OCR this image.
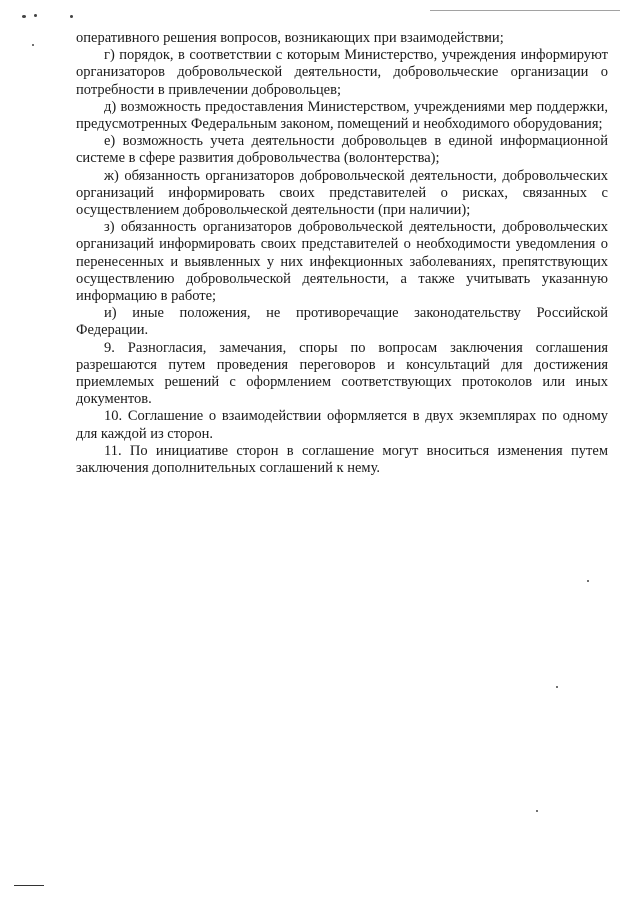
оперативного решения вопросов, возникающих при взаимодействии;

г) порядок, в соответствии с которым Министерство, учреждения информируют организаторов добровольческой деятельности, добровольческие организации о потребности в привлечении добровольцев;

д) возможность предоставления Министерством, учреждениями мер поддержки, предусмотренных Федеральным законом, помещений и необходимого оборудования;

е) возможность учета деятельности добровольцев в единой информационной системе в сфере развития добровольчества (волонтерства);

ж) обязанность организаторов добровольческой деятельности, добровольческих организаций информировать своих представителей о рисках, связанных с осуществлением добровольческой деятельности (при наличии);

з) обязанность организаторов добровольческой деятельности, добровольческих организаций информировать своих представителей о необходимости уведомления о перенесенных и выявленных у них инфекционных заболеваниях, препятствующих осуществлению добровольческой деятельности, а также учитывать указанную информацию в работе;

и) иные положения, не противоречащие законодательству Российской Федерации.

9. Разногласия, замечания, споры по вопросам заключения соглашения разрешаются путем проведения переговоров и консультаций для достижения приемлемых решений с оформлением соответствующих протоколов или иных документов.

10. Соглашение о взаимодействии оформляется в двух экземплярах по одному для каждой из сторон.

11. По инициативе сторон в соглашение могут вноситься изменения путем заключения дополнительных соглашений к нему.
